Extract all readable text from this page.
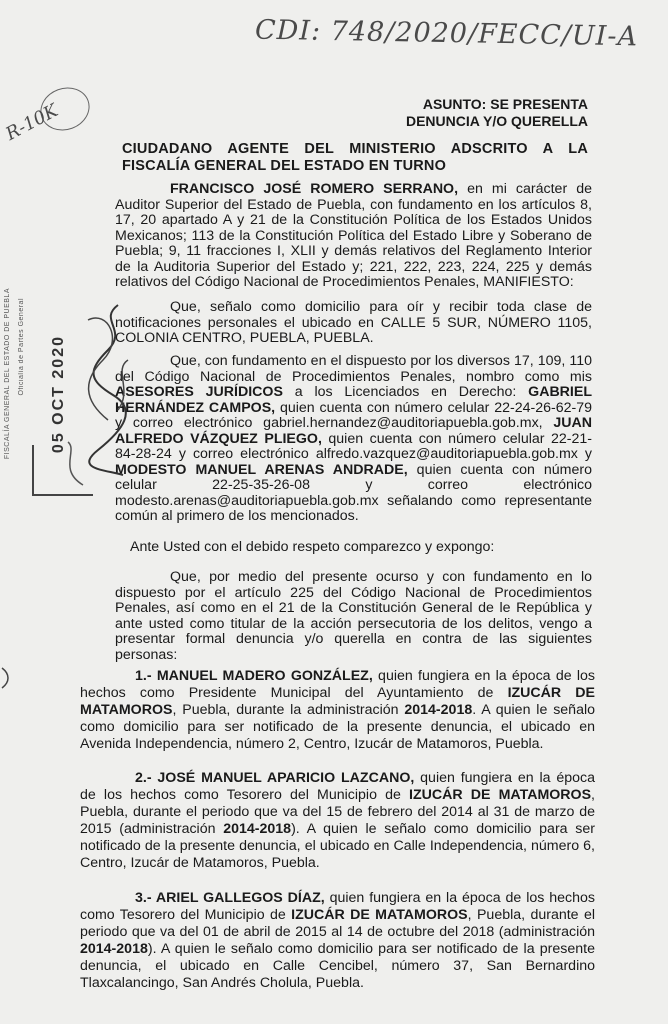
CDI: 748/2020/FECC/UI-A
R-10K	ASUNTO: SE PRESENTA
DENUNCIA Y/O QUERELLA
CIUDADANO AGENTE DEL MINISTERIO ADSCRITO A LA FISCALÍA GENERAL DEL ESTADO EN TURNO
FRANCISCO JOSÉ ROMERO SERRANO, en mi carácter de Auditor Superior del Estado de Puebla, con fundamento en los artículos 8, 17, 20 apartado A y 21 de la Constitución Política de los Estados Unidos Mexicanos; 113 de la Constitución Política del Estado Libre y Soberano de Puebla; 9, 11 fracciones I, XLII y demás relativos del Reglamento Interior de la Auditoria Superior del Estado y; 221, 222, 223, 224, 225 y demás relativos del Código Nacional de Procedimientos Penales, MANIFIESTO:
Que, señalo como domicilio para oír y recibir toda clase de notificaciones personales el ubicado en CALLE 5 SUR, NÚMERO 1105, COLONIA CENTRO, PUEBLA, PUEBLA.
Que, con fundamento en el dispuesto por los diversos 17, 109, 110 del Código Nacional de Procedimientos Penales, nombro como mis ASESORES JURÍDICOS a los Licenciados en Derecho: GABRIEL HERNÁNDEZ CAMPOS, quien cuenta con número celular 22-24-26-62-79 y correo electrónico gabriel.hernandez@auditoriapuebla.gob.mx, JUAN ALFREDO VÁZQUEZ PLIEGO, quien cuenta con número celular 22-21-84-28-24 y correo electrónico alfredo.vazquez@auditoriapuebla.gob.mx y MODESTO MANUEL ARENAS ANDRADE, quien cuenta con número celular 22-25-35-26-08 y correo electrónico modesto.arenas@auditoriapuebla.gob.mx señalando como representante común al primero de los mencionados.
Ante Usted con el debido respeto comparezco y expongo:
Que, por medio del presente ocurso y con fundamento en lo dispuesto por el artículo 225 del Código Nacional de Procedimientos Penales, así como en el 21 de la Constitución General de le República y ante usted como titular de la acción persecutoria de los delitos, vengo a presentar formal denuncia y/o querella en contra de las siguientes personas:
1.- MANUEL MADERO GONZÁLEZ, quien fungiera en la época de los hechos como Presidente Municipal del Ayuntamiento de IZUCÁR DE MATAMOROS, Puebla, durante la administración 2014-2018. A quien le señalo como domicilio para ser notificado de la presente denuncia, el ubicado en Avenida Independencia, número 2, Centro, Izucár de Matamoros, Puebla.
2.- JOSÉ MANUEL APARICIO LAZCANO, quien fungiera en la época de los hechos como Tesorero del Municipio de IZUCÁR DE MATAMOROS, Puebla, durante el periodo que va del 15 de febrero del 2014 al 31 de marzo de 2015 (administración 2014-2018). A quien le señalo como domicilio para ser notificado de la presente denuncia, el ubicado en Calle Independencia, número 6, Centro, Izucár de Matamoros, Puebla.
3.- ARIEL GALLEGOS DÍAZ, quien fungiera en la época de los hechos como Tesorero del Municipio de IZUCÁR DE MATAMOROS, Puebla, durante el periodo que va del 01 de abril de 2015 al 14 de octubre del 2018 (administración 2014-2018). A quien le señalo como domicilio para ser notificado de la presente denuncia, el ubicado en Calle Cencibel, número 37, San Bernardino Tlaxcalancingo, San Andrés Cholula, Puebla.
FISCALÍA GENERAL DEL ESTADO DE PUEBLA Oficialía de Partes General 05 OCT 2020
